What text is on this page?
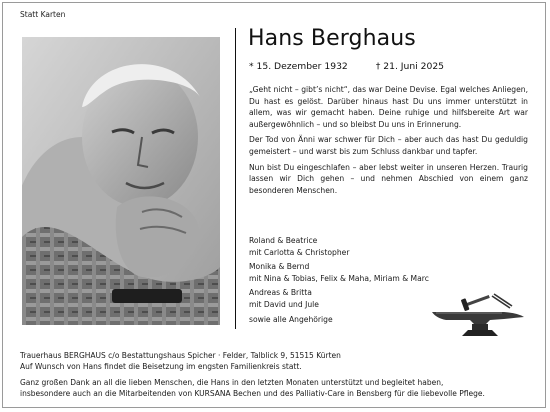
Statt Karten
Hans Berghaus
* 15. Dezember 1932	† 21. Juni 2025

„Geht nicht – gibt’s nicht“, das war Deine Devise. Egal welches Anliegen, Du hast es gelöst. Darüber hinaus hast Du uns immer unterstützt in allem, was wir gemacht haben. Deine ruhige und hilfsbereite Art war außergewöhnlich – und so bleibst Du uns in Erinnerung.

Der Tod von Änni war schwer für Dich – aber auch das hast Du geduldig gemeistert – und warst bis zum Schluss dankbar und tapfer.

Nun bist Du eingeschlafen – aber lebst weiter in unseren Herzen. Traurig lassen wir Dich gehen – und nehmen Abschied von einem ganz besonderen Menschen.

Roland & Beatrice
mit Carlotta & Christopher
Monika & Bernd
mit Nina & Tobias, Felix & Maha, Miriam & Marc
Andreas & Britta
mit David und Jule
sowie alle Angehörige
Trauerhaus BERGHAUS c/o Bestattungshaus Spicher · Felder, Talblick 9, 51515 Kürten
Auf Wunsch von Hans findet die Beisetzung im engsten Familienkreis statt.
Ganz großen Dank an all die lieben Menschen, die Hans in den letzten Monaten unterstützt und begleitet haben,
insbesondere auch an die Mitarbeitenden von KURSANA Bechen und des Palliativ-Care in Bensberg für die liebevolle Pflege.
